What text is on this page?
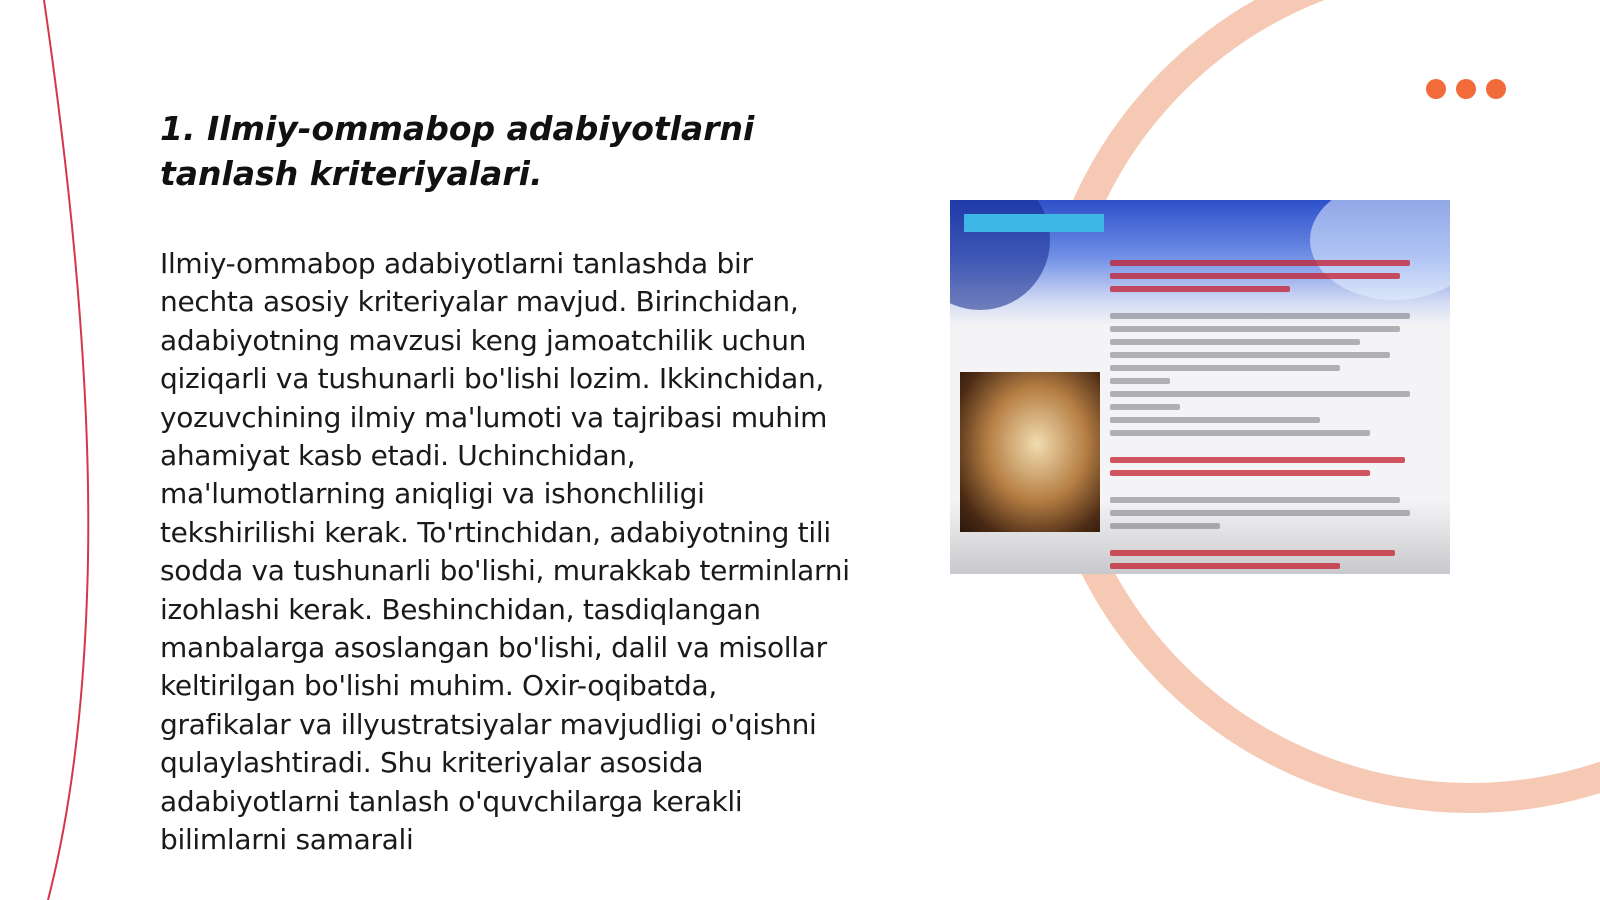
1. Ilmiy-ommabop adabiyotlarni tanlash kriteriyalari.

Ilmiy-ommabop adabiyotlarni tanlashda bir nechta asosiy kriteriyalar mavjud. Birinchidan, adabiyotning mavzusi keng jamoatchilik uchun qiziqarli va tushunarli bo'lishi lozim. Ikkinchidan, yozuvchining ilmiy ma'lumoti va tajribasi muhim ahamiyat kasb etadi. Uchinchidan, ma'lumotlarning aniqligi va ishonchliligi tekshirilishi kerak. To'rtinchidan, adabiyotning tili sodda va tushunarli bo'lishi, murakkab terminlarni izohlashi kerak. Beshinchidan, tasdiqlangan manbalarga asoslangan bo'lishi, dalil va misollar keltirilgan bo'lishi muhim. Oxir-oqibatda, grafikalar va illyustratsiyalar mavjudligi o'qishni qulaylashtiradi. Shu kriteriyalar asosida adabiyotlarni tanlash o'quvchilarga kerakli bilimlarni samarali
